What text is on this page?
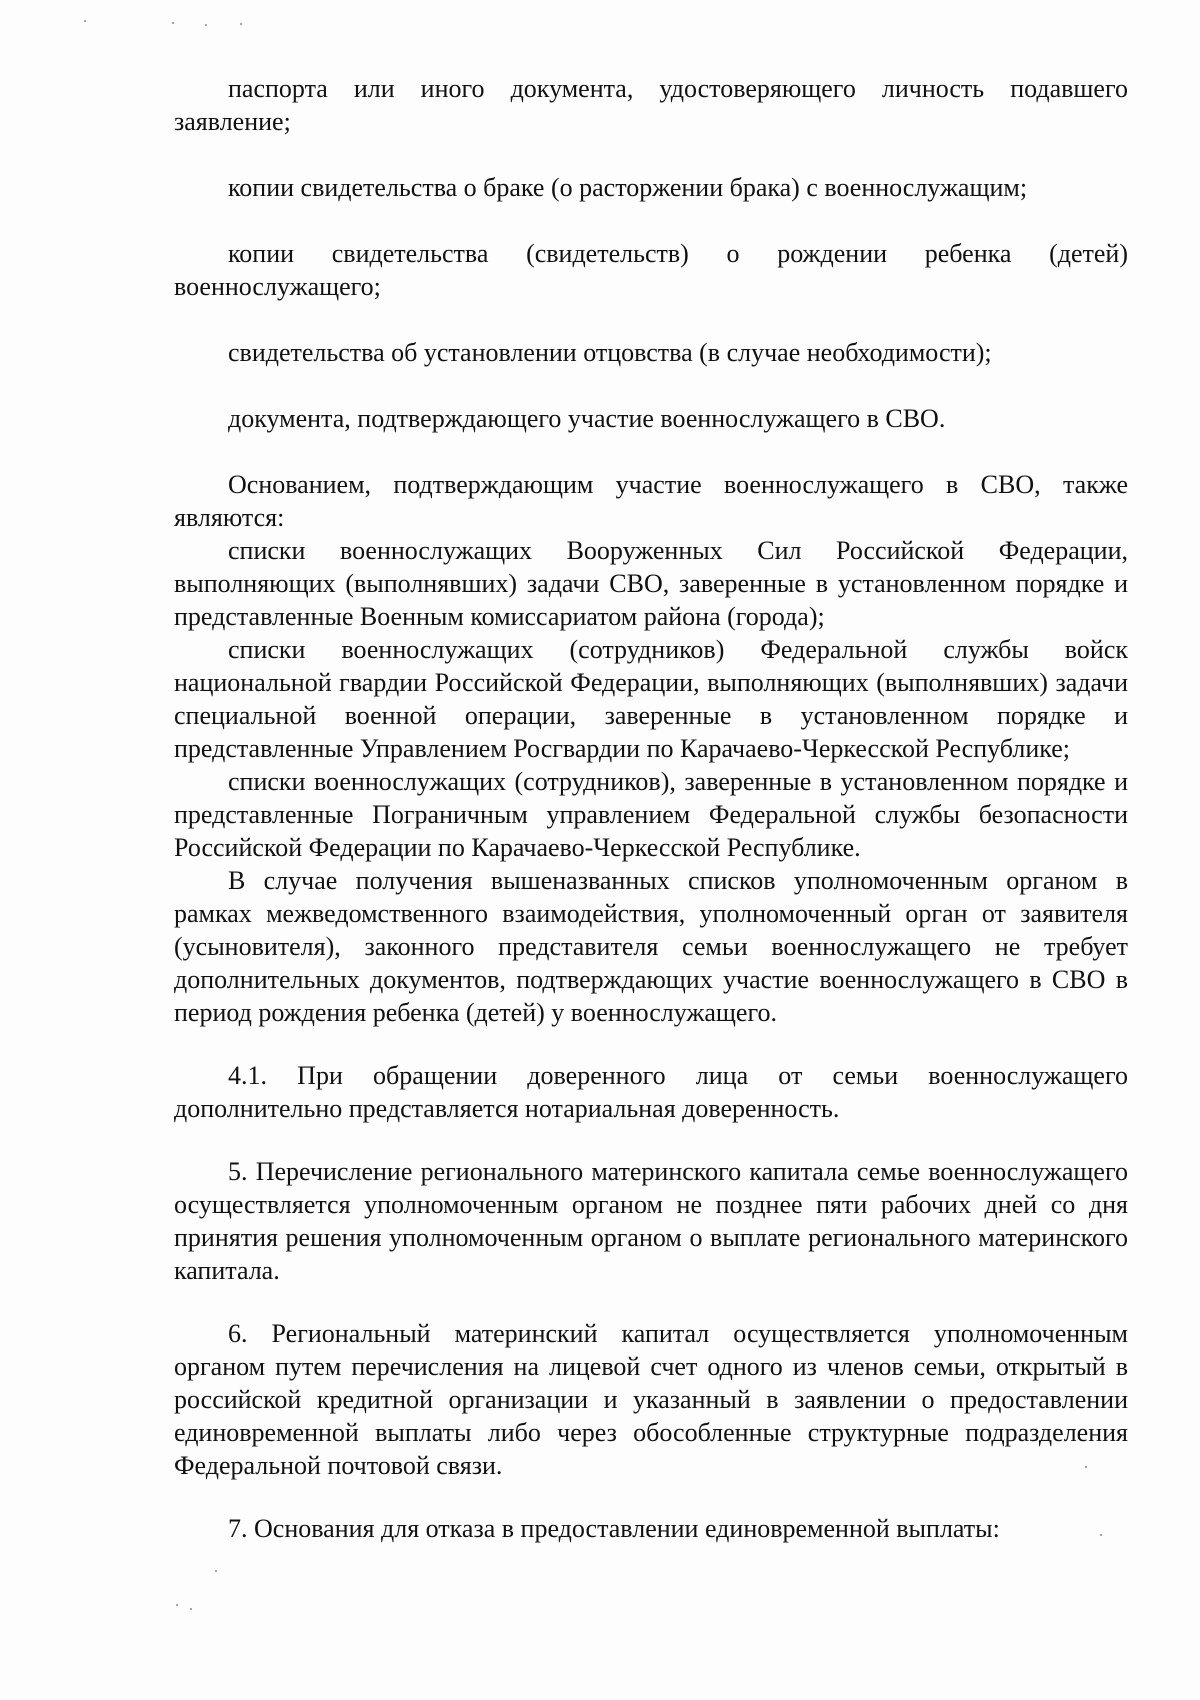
паспорта или иного документа, удостоверяющего личность подавшего заявление;

копии свидетельства о браке (о расторжении брака) с военнослужащим;

копии свидетельства (свидетельств) о рождении ребенка (детей) военнослужащего;

свидетельства об установлении отцовства (в случае необходимости);

документа, подтверждающего участие военнослужащего в СВО.

Основанием, подтверждающим участие военнослужащего в СВО, также являются:

списки военнослужащих Вооруженных Сил Российской Федерации, выполняющих (выполнявших) задачи СВО, заверенные в установленном порядке и представленные Военным комиссариатом района (города);

списки военнослужащих (сотрудников) Федеральной службы войск национальной гвардии Российской Федерации, выполняющих (выполнявших) задачи специальной военной операции, заверенные в установленном порядке и представленные Управлением Росгвардии по Карачаево-Черкесской Республике;

списки военнослужащих (сотрудников), заверенные в установленном порядке и представленные Пограничным управлением Федеральной службы безопасности Российской Федерации по Карачаево-Черкесской Республике.

В случае получения вышеназванных списков уполномоченным органом в рамках межведомственного взаимодействия, уполномоченный орган от заявителя (усыновителя), законного представителя семьи военнослужащего не требует дополнительных документов, подтверждающих участие военнослужащего в СВО в период рождения ребенка (детей) у военнослужащего.

4.1. При обращении доверенного лица от семьи военнослужащего дополнительно представляется нотариальная доверенность.

5. Перечисление регионального материнского капитала семье военнослужащего осуществляется уполномоченным органом не позднее пяти рабочих дней со дня принятия решения уполномоченным органом о выплате регионального материнского капитала.

6. Региональный материнский капитал осуществляется уполномоченным органом путем перечисления на лицевой счет одного из членов семьи, открытый в российской кредитной организации и указанный в заявлении о предоставлении единовременной выплаты либо через обособленные структурные подразделения Федеральной почтовой связи.

7. Основания для отказа в предоставлении единовременной выплаты:
